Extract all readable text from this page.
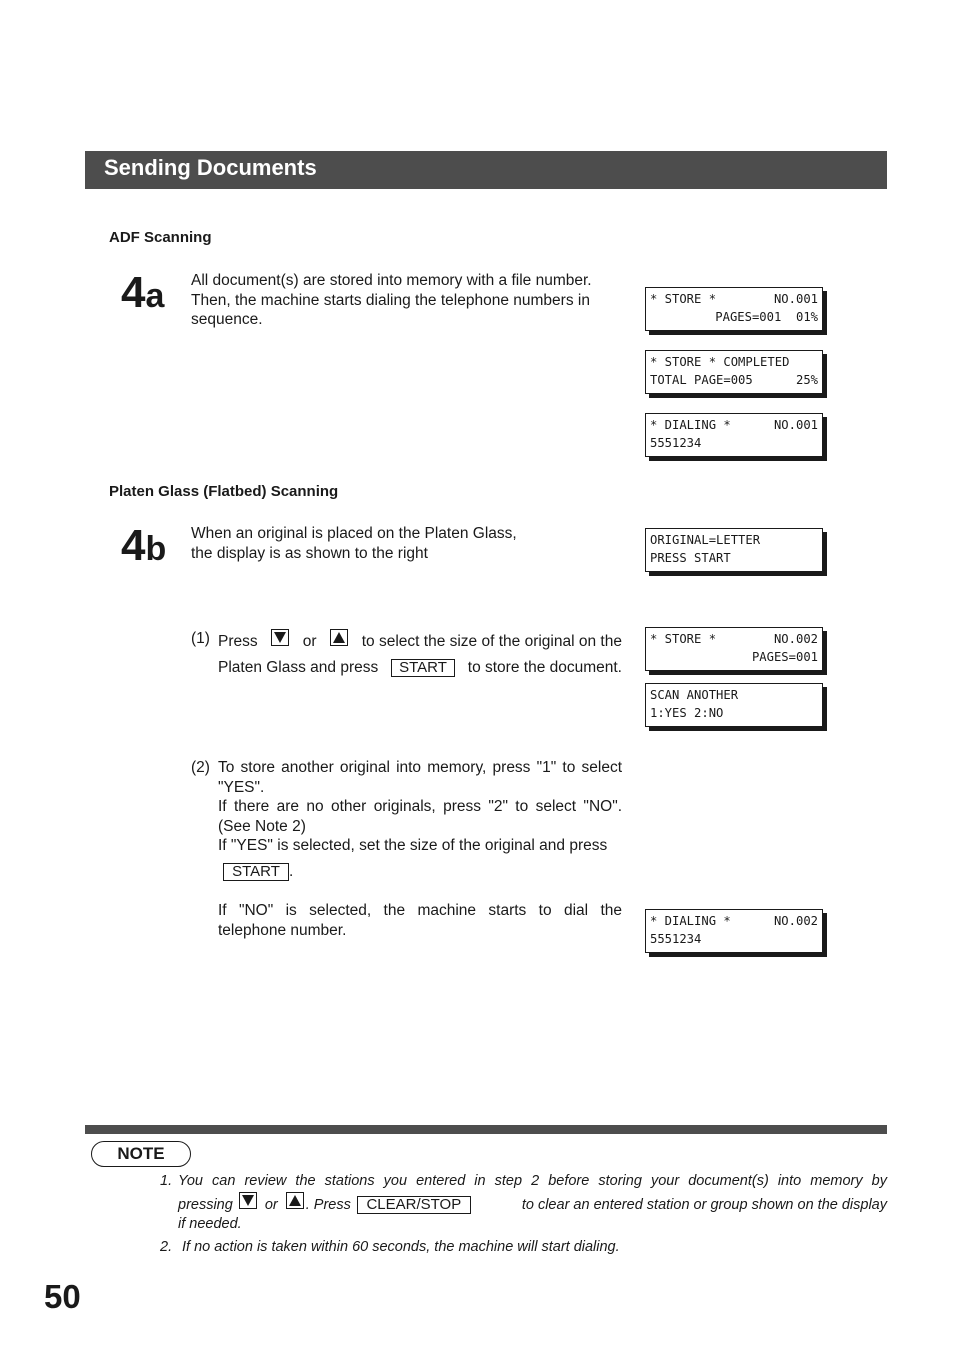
Sending Documents
ADF Scanning
4a All document(s) are stored into memory with a file number.
Then, the machine starts dialing the telephone numbers in
sequence.
* STORE *	NO.001
PAGES=001  01%
* STORE * COMPLETED
TOTAL PAGE=005	25%
* DIALING *	NO.001
5551234
Platen Glass (Flatbed) Scanning
4b When an original is placed on the Platen Glass,
the display is as shown to the right
ORIGINAL=LETTER
PRESS START
(1) Press	or	to select the size of the original on the
Platen Glass and press	START	to store the document.
* STORE *	NO.002
PAGES=001
SCAN ANOTHER
1:YES 2:NO
(2) To store another original into memory, press "1" to select
"YES".
If there are no other originals, press "2" to select "NO".
(See Note 2)
If "YES" is selected, set the size of the original and press
START .
If "NO" is selected, the machine starts to dial the
telephone number.
* DIALING *	NO.002
5551234
NOTE
1. You can review the stations you entered in step 2 before storing your document(s) into memory by
pressing or . Press	CLEAR/STOP	to clear an entered station or group shown on the display
if needed.
2. If no action is taken within 60 seconds, the machine will start dialing.
50
